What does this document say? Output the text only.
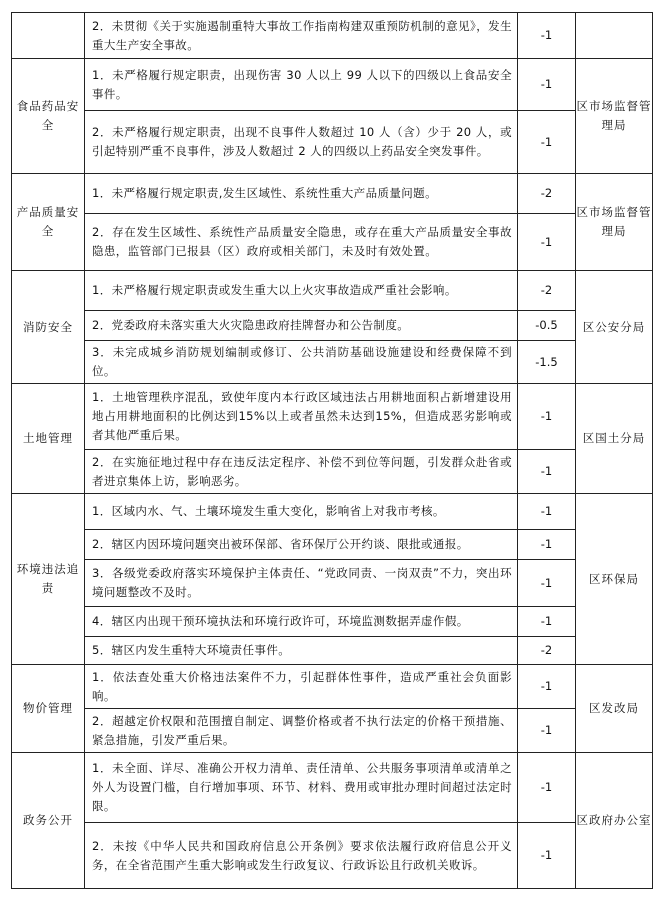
	2．未贯彻《关于实施遏制重特大事故工作指南构建双重预防机制的意见》，发生重大生产安全事故。	-1	
食品药品安全	1．未严格履行规定职责，出现伤害 30 人以上 99 人以下的四级以上食品安全事件。	-1	区市场监督管理局
	2．未严格履行规定职责，出现不良事件人数超过 10 人（含）少于 20 人，或引起特别严重不良事件，涉及人数超过 2 人的四级以上药品安全突发事件。	-1	
产品质量安全	1．未严格履行规定职责,发生区域性、系统性重大产品质量问题。	-2	区市场监督管理局
	2．存在发生区域性、系统性产品质量安全隐患，或存在重大产品质量安全事故隐患，监管部门已报县（区）政府或相关部门，未及时有效处置。	-1	
消防安全	1．未严格履行规定职责或发生重大以上火灾事故造成严重社会影响。	-2	区公安分局
	2．党委政府未落实重大火灾隐患政府挂牌督办和公告制度。	-0.5	
	3．未完成城乡消防规划编制或修订、公共消防基础设施建设和经费保障不到位。	-1.5	
土地管理	1．土地管理秩序混乱，致使年度内本行政区域违法占用耕地面积占新增建设用地占用耕地面积的比例达到15%以上或者虽然未达到15%，但造成恶劣影响或者其他严重后果。	-1	区国土分局
	2．在实施征地过程中存在违反法定程序、补偿不到位等问题，引发群众赴省或者进京集体上访，影响恶劣。	-1	
环境违法追责	1．区域内水、气、土壤环境发生重大变化，影响省上对我市考核。	-1	区环保局
	2．辖区内因环境问题突出被环保部、省环保厅公开约谈、限批或通报。	-1	
	3．各级党委政府落实环境保护主体责任、“党政同责、一岗双责”不力，突出环境问题整改不及时。	-1	
	4．辖区内出现干预环境执法和环境行政许可，环境监测数据弄虚作假。	-1	
	5．辖区内发生重特大环境责任事件。	-2	
物价管理	1．依法查处重大价格违法案件不力，引起群体性事件，造成严重社会负面影响。	-1	区发改局
	2．超越定价权限和范围擅自制定、调整价格或者不执行法定的价格干预措施、紧急措施，引发严重后果。	-1	
政务公开	1．未全面、详尽、准确公开权力清单、责任清单、公共服务事项清单或清单之外人为设置门槛，自行增加事项、环节、材料、费用或审批办理时间超过法定时限。	-1	区政府办公室
	2．未按《中华人民共和国政府信息公开条例》要求依法履行政府信息公开义务，在全省范围产生重大影响或发生行政复议、行政诉讼且行政机关败诉。	-1	
